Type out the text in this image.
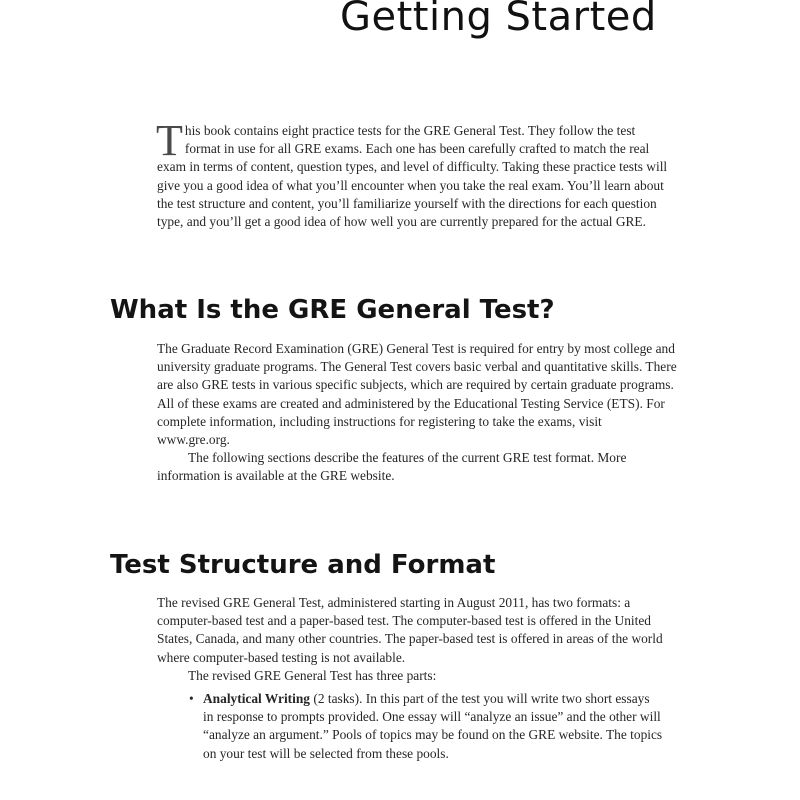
Getting Started
This book contains eight practice tests for the GRE General Test. They follow the test format in use for all GRE exams. Each one has been carefully crafted to match the real exam in terms of content, question types, and level of difficulty. Taking these practice tests will give you a good idea of what you’ll encounter when you take the real exam. You’ll learn about the test structure and content, you’ll familiarize yourself with the directions for each question type, and you’ll get a good idea of how well you are currently prepared for the actual GRE.
What Is the GRE General Test?

The Graduate Record Examination (GRE) General Test is required for entry by most college and university graduate programs. The General Test covers basic verbal and quantitative skills. There are also GRE tests in various specific subjects, which are required by certain graduate programs. All of these exams are created and administered by the Educational Testing Service (ETS). For complete information, including instructions for registering to take the exams, visit www.gre.org.

The following sections describe the features of the current GRE test format. More information is available at the GRE website.

Test Structure and Format

The revised GRE General Test, administered starting in August 2011, has two formats: a computer-based test and a paper-based test. The computer-based test is offered in the United States, Canada, and many other countries. The paper-based test is offered in areas of the world where computer-based testing is not available.

The revised GRE General Test has three parts:

• Analytical Writing (2 tasks). In this part of the test you will write two short essays in response to prompts provided. One essay will “analyze an issue” and the other will “analyze an argument.” Pools of topics may be found on the GRE website. The topics on your test will be selected from these pools.
